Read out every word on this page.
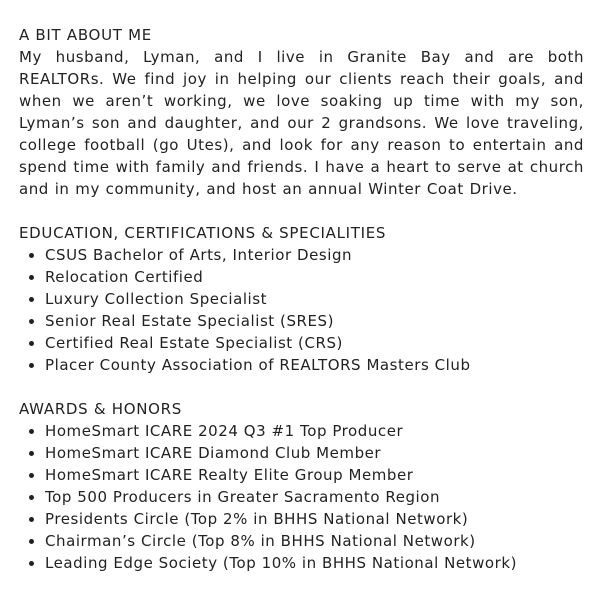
A BIT ABOUT ME

My husband, Lyman, and I live in Granite Bay and are both REALTORs. We find joy in helping our clients reach their goals, and when we aren’t working, we love soaking up time with my son, Lyman’s son and daughter, and our 2 grandsons. We love traveling, college football (go Utes), and look for any reason to entertain and spend time with family and friends. I have a heart to serve at church and in my community, and host an annual Winter Coat Drive.

EDUCATION, CERTIFICATIONS & SPECIALITIES
CSUS Bachelor of Arts, Interior Design
Relocation Certified
Luxury Collection Specialist
Senior Real Estate Specialist (SRES)
Certified Real Estate Specialist (CRS)
Placer County Association of REALTORS Masters Club
AWARDS & HONORS
HomeSmart ICARE 2024 Q3 #1 Top Producer
HomeSmart ICARE Diamond Club Member
HomeSmart ICARE Realty Elite Group Member
Top 500 Producers in Greater Sacramento Region
Presidents Circle (Top 2% in BHHS National Network)
Chairman’s Circle (Top 8% in BHHS National Network)
Leading Edge Society (Top 10% in BHHS National Network)
